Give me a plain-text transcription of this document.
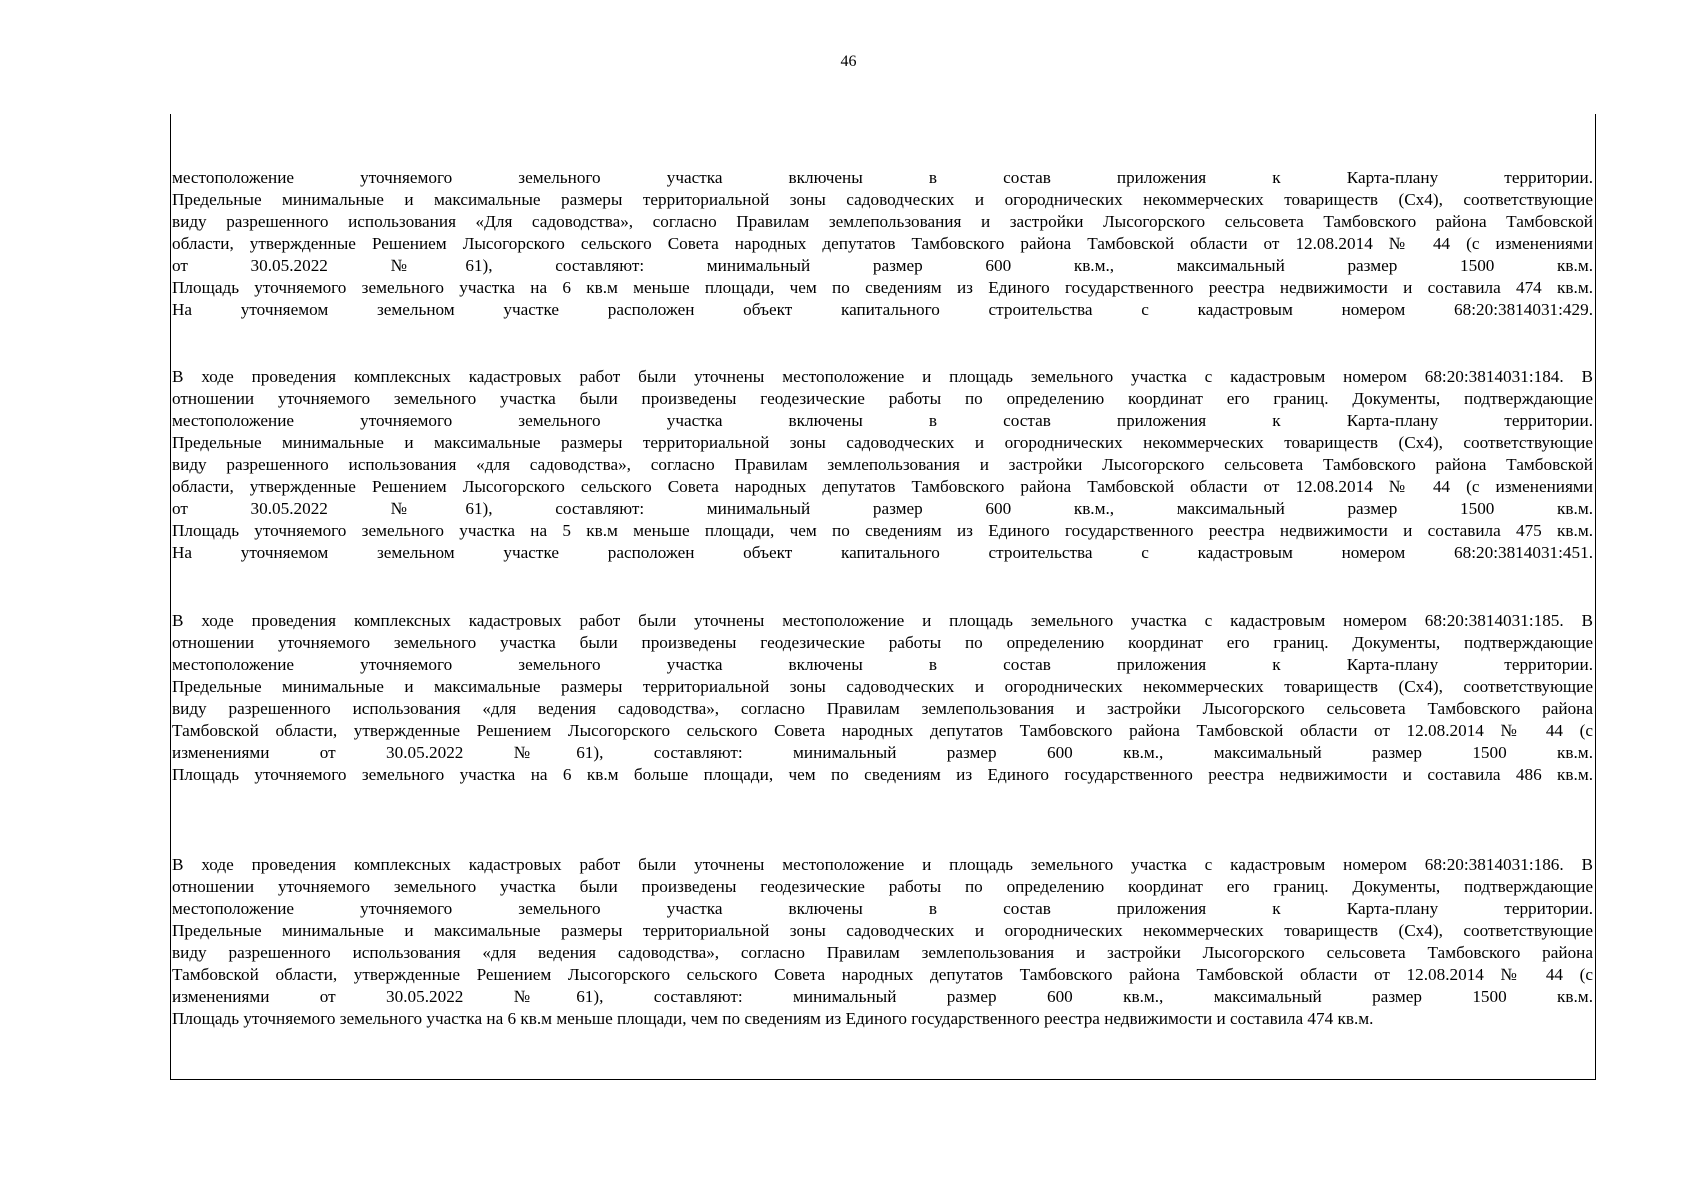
46
местоположение уточняемого земельного участка включены в состав приложения к Карта-плану территории.
Предельные минимальные и максимальные размеры территориальной зоны садоводческих и огороднических некоммерческих товариществ (Сх4), соответствующие
виду разрешенного использования «Для садоводства», согласно Правилам землепользования и застройки Лысогорского сельсовета Тамбовского района Тамбовской
области, утвержденные Решением Лысогорского сельского Совета народных депутатов Тамбовского района Тамбовской области от 12.08.2014 № 44 (с изменениями
от 30.05.2022 №61), составляют: минимальный размер 600 кв.м., максимальный размер 1500 кв.м.
Площадь уточняемого земельного участка на 6 кв.м меньше площади, чем по сведениям из Единого государственного реестра недвижимости и составила 474 кв.м.
На уточняемом земельном участке расположен объект капитального строительства с кадастровым номером 68:20:3814031:429.
В ходе проведения комплексных кадастровых работ были уточнены местоположение и площадь земельного участка с кадастровым номером 68:20:3814031:184. В
отношении уточняемого земельного участка были произведены геодезические работы по определению координат его границ. Документы, подтверждающие
местоположение уточняемого земельного участка включены в состав приложения к Карта-плану территории.
Предельные минимальные и максимальные размеры территориальной зоны садоводческих и огороднических некоммерческих товариществ (Сх4), соответствующие
виду разрешенного использования «для садоводства», согласно Правилам землепользования и застройки Лысогорского сельсовета Тамбовского района Тамбовской
области, утвержденные Решением Лысогорского сельского Совета народных депутатов Тамбовского района Тамбовской области от 12.08.2014 № 44 (с изменениями
от 30.05.2022 №61), составляют: минимальный размер 600 кв.м., максимальный размер 1500 кв.м.
Площадь уточняемого земельного участка на 5 кв.м меньше площади, чем по сведениям из Единого государственного реестра недвижимости и составила 475 кв.м.
На уточняемом земельном участке расположен объект капитального строительства с кадастровым номером 68:20:3814031:451.
В ходе проведения комплексных кадастровых работ были уточнены местоположение и площадь земельного участка с кадастровым номером 68:20:3814031:185. В
отношении уточняемого земельного участка были произведены геодезические работы по определению координат его границ. Документы, подтверждающие
местоположение уточняемого земельного участка включены в состав приложения к Карта-плану территории.
Предельные минимальные и максимальные размеры территориальной зоны садоводческих и огороднических некоммерческих товариществ (Сх4), соответствующие
виду разрешенного использования «для ведения садоводства», согласно Правилам землепользования и застройки Лысогорского сельсовета Тамбовского района
Тамбовской области, утвержденные Решением Лысогорского сельского Совета народных депутатов Тамбовского района Тамбовской области от 12.08.2014 № 44 (с
изменениями от 30.05.2022 №61), составляют: минимальный размер 600 кв.м., максимальный размер 1500 кв.м.
Площадь уточняемого земельного участка на 6 кв.м больше площади, чем по сведениям из Единого государственного реестра недвижимости и составила 486 кв.м.
В ходе проведения комплексных кадастровых работ были уточнены местоположение и площадь земельного участка с кадастровым номером 68:20:3814031:186. В
отношении уточняемого земельного участка были произведены геодезические работы по определению координат его границ. Документы, подтверждающие
местоположение уточняемого земельного участка включены в состав приложения к Карта-плану территории.
Предельные минимальные и максимальные размеры территориальной зоны садоводческих и огороднических некоммерческих товариществ (Сх4), соответствующие
виду разрешенного использования «для ведения садоводства», согласно Правилам землепользования и застройки Лысогорского сельсовета Тамбовского района
Тамбовской области, утвержденные Решением Лысогорского сельского Совета народных депутатов Тамбовского района Тамбовской области от 12.08.2014 № 44 (с
изменениями от 30.05.2022 №61), составляют: минимальный размер 600 кв.м., максимальный размер 1500 кв.м.
Площадь уточняемого земельного участка на 6 кв.м меньше площади, чем по сведениям из Единого государственного реестра недвижимости и составила 474 кв.м.
